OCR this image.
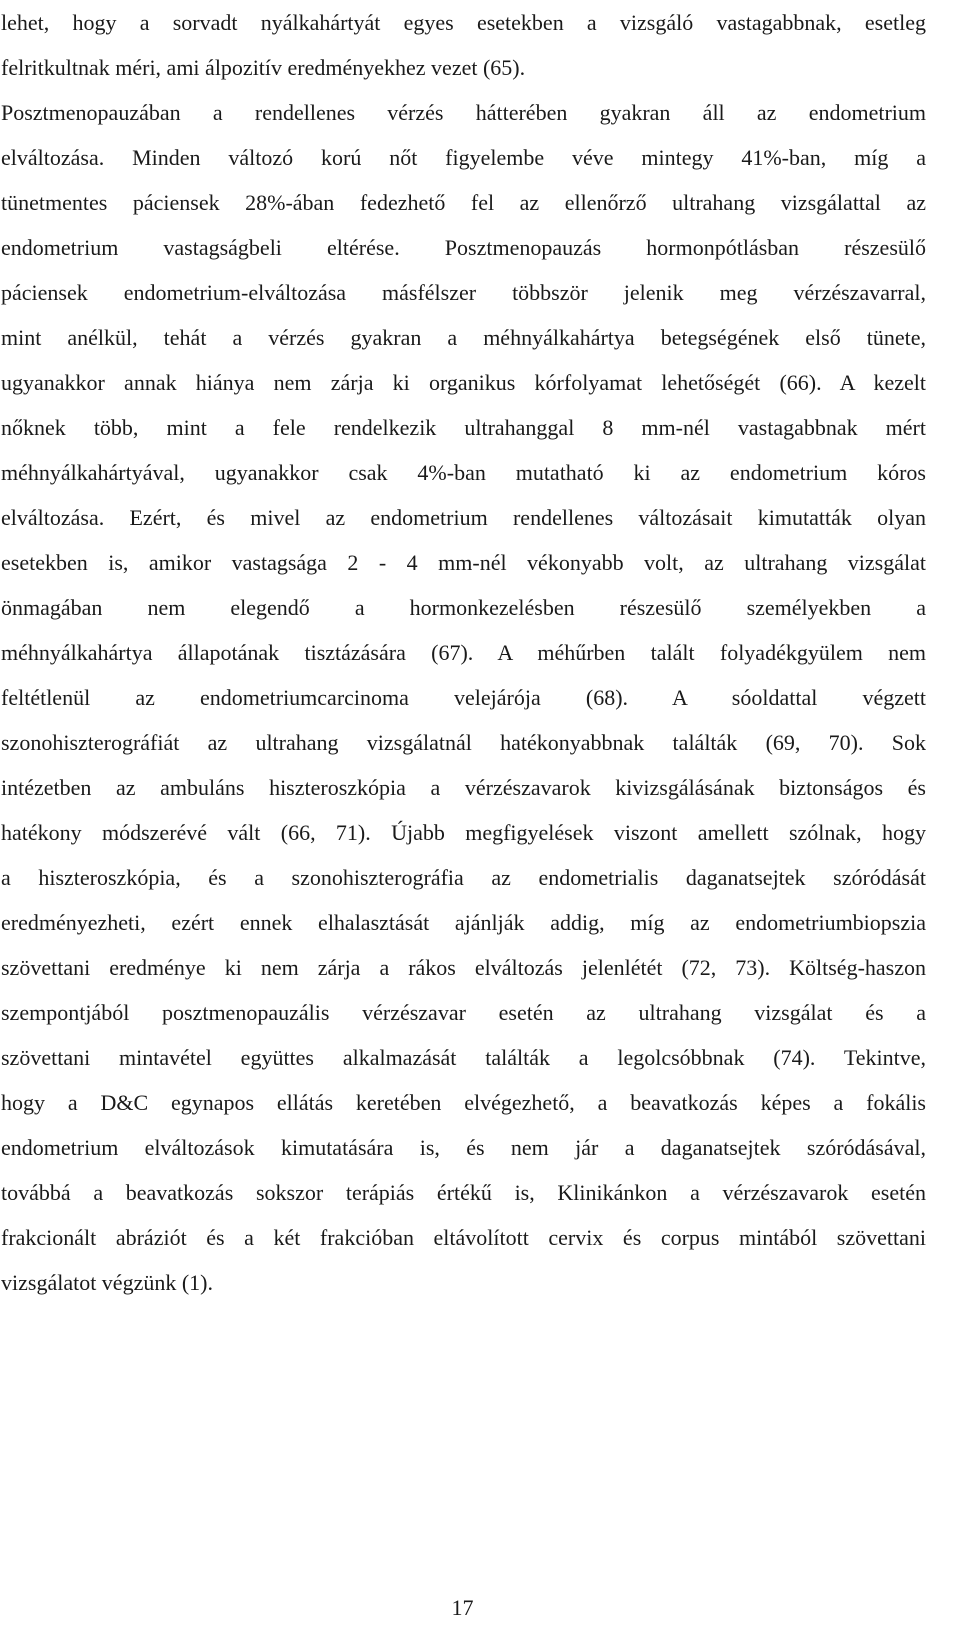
lehet, hogy a sorvadt nyálkahártyát egyes esetekben a vizsgáló vastagabbnak, esetleg
felritkultnak méri, ami álpozitív eredményekhez vezet (65).
Posztmenopauzában a rendellenes vérzés hátterében gyakran áll az endometrium
elváltozása. Minden változó korú nőt figyelembe véve mintegy 41%-ban, míg a
tünetmentes páciensek 28%-ában fedezhető fel az ellenőrző ultrahang vizsgálattal az
endometrium vastagságbeli eltérése. Posztmenopauzás hormonpótlásban részesülő
páciensek endometrium-elváltozása másfélszer többször jelenik meg vérzészavarral,
mint anélkül, tehát a vérzés gyakran a méhnyálkahártya betegségének első tünete,
ugyanakkor annak hiánya nem zárja ki organikus kórfolyamat lehetőségét (66). A kezelt
nőknek több, mint a fele rendelkezik ultrahanggal 8 mm-nél vastagabbnak mért
méhnyálkahártyával, ugyanakkor csak 4%-ban mutatható ki az endometrium kóros
elváltozása. Ezért, és mivel az endometrium rendellenes változásait kimutatták olyan
esetekben is, amikor vastagsága 2 - 4 mm-nél vékonyabb volt, az ultrahang vizsgálat
önmagában nem elegendő a hormonkezelésben részesülő személyekben a
méhnyálkahártya állapotának tisztázására (67). A méhűrben talált folyadékgyülem nem
feltétlenül az endometriumcarcinoma velejárója (68). A sóoldattal végzett
szonohiszterográfiát az ultrahang vizsgálatnál hatékonyabbnak találták (69, 70). Sok
intézetben az ambuláns hiszteroszkópia a vérzészavarok kivizsgálásának biztonságos és
hatékony módszerévé vált (66, 71). Újabb megfigyelések viszont amellett szólnak, hogy
a hiszteroszkópia, és a szonohiszterográfia az endometrialis daganatsejtek szóródását
eredményezheti, ezért ennek elhalasztását ajánlják addig, míg az endometriumbiopszia
szövettani eredménye ki nem zárja a rákos elváltozás jelenlétét (72, 73). Költség-haszon
szempontjából posztmenopauzális vérzészavar esetén az ultrahang vizsgálat és a
szövettani mintavétel együttes alkalmazását találták a legolcsóbbnak (74). Tekintve,
hogy a D&C egynapos ellátás keretében elvégezhető, a beavatkozás képes a fokális
endometrium elváltozások kimutatására is, és nem jár a daganatsejtek szóródásával,
továbbá a beavatkozás sokszor terápiás értékű is, Klinikánkon a vérzészavarok esetén
frakcionált abráziót és a két frakcióban eltávolított cervix és corpus mintából szövettani
vizsgálatot végzünk (1).
17
